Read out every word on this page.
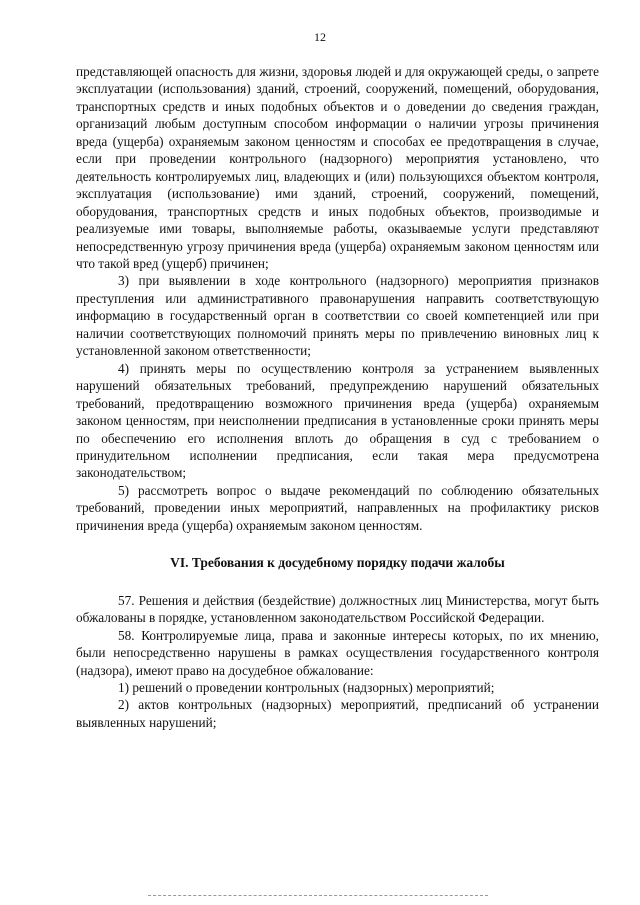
12

представляющей опасность для жизни, здоровья людей и для окружающей среды, о запрете эксплуатации (использования) зданий, строений, сооружений, помещений, оборудования, транспортных средств и иных подобных объектов и о доведении до сведения граждан, организаций любым доступным способом информации о наличии угрозы причинения вреда (ущерба) охраняемым законом ценностям и способах ее предотвращения в случае, если при проведении контрольного (надзорного) мероприятия установлено, что деятельность контролируемых лиц, владеющих и (или) пользующихся объектом контроля, эксплуатация (использование) ими зданий, строений, сооружений, помещений, оборудования, транспортных средств и иных подобных объектов, производимые и реализуемые ими товары, выполняемые работы, оказываемые услуги представляют непосредственную угрозу причинения вреда (ущерба) охраняемым законом ценностям или что такой вред (ущерб) причинен;

3) при выявлении в ходе контрольного (надзорного) мероприятия признаков преступления или административного правонарушения направить соответствующую информацию в государственный орган в соответствии со своей компетенцией или при наличии соответствующих полномочий принять меры по привлечению виновных лиц к установленной законом ответственности;

4) принять меры по осуществлению контроля за устранением выявленных нарушений обязательных требований, предупреждению нарушений обязательных требований, предотвращению возможного причинения вреда (ущерба) охраняемым законом ценностям, при неисполнении предписания в установленные сроки принять меры по обеспечению его исполнения вплоть до обращения в суд с требованием о принудительном исполнении предписания, если такая мера предусмотрена законодательством;

5) рассмотреть вопрос о выдаче рекомендаций по соблюдению обязательных требований, проведении иных мероприятий, направленных на профилактику рисков причинения вреда (ущерба) охраняемым законом ценностям.

VI. Требования к досудебному порядку подачи жалобы

57. Решения и действия (бездействие) должностных лиц Министерства, могут быть обжалованы в порядке, установленном законодательством Российской Федерации.

58. Контролируемые лица, права и законные интересы которых, по их мнению, были непосредственно нарушены в рамках осуществления государственного контроля (надзора), имеют право на досудебное обжалование:

1) решений о проведении контрольных (надзорных) мероприятий;

2) актов контрольных (надзорных) мероприятий, предписаний об устранении выявленных нарушений;
